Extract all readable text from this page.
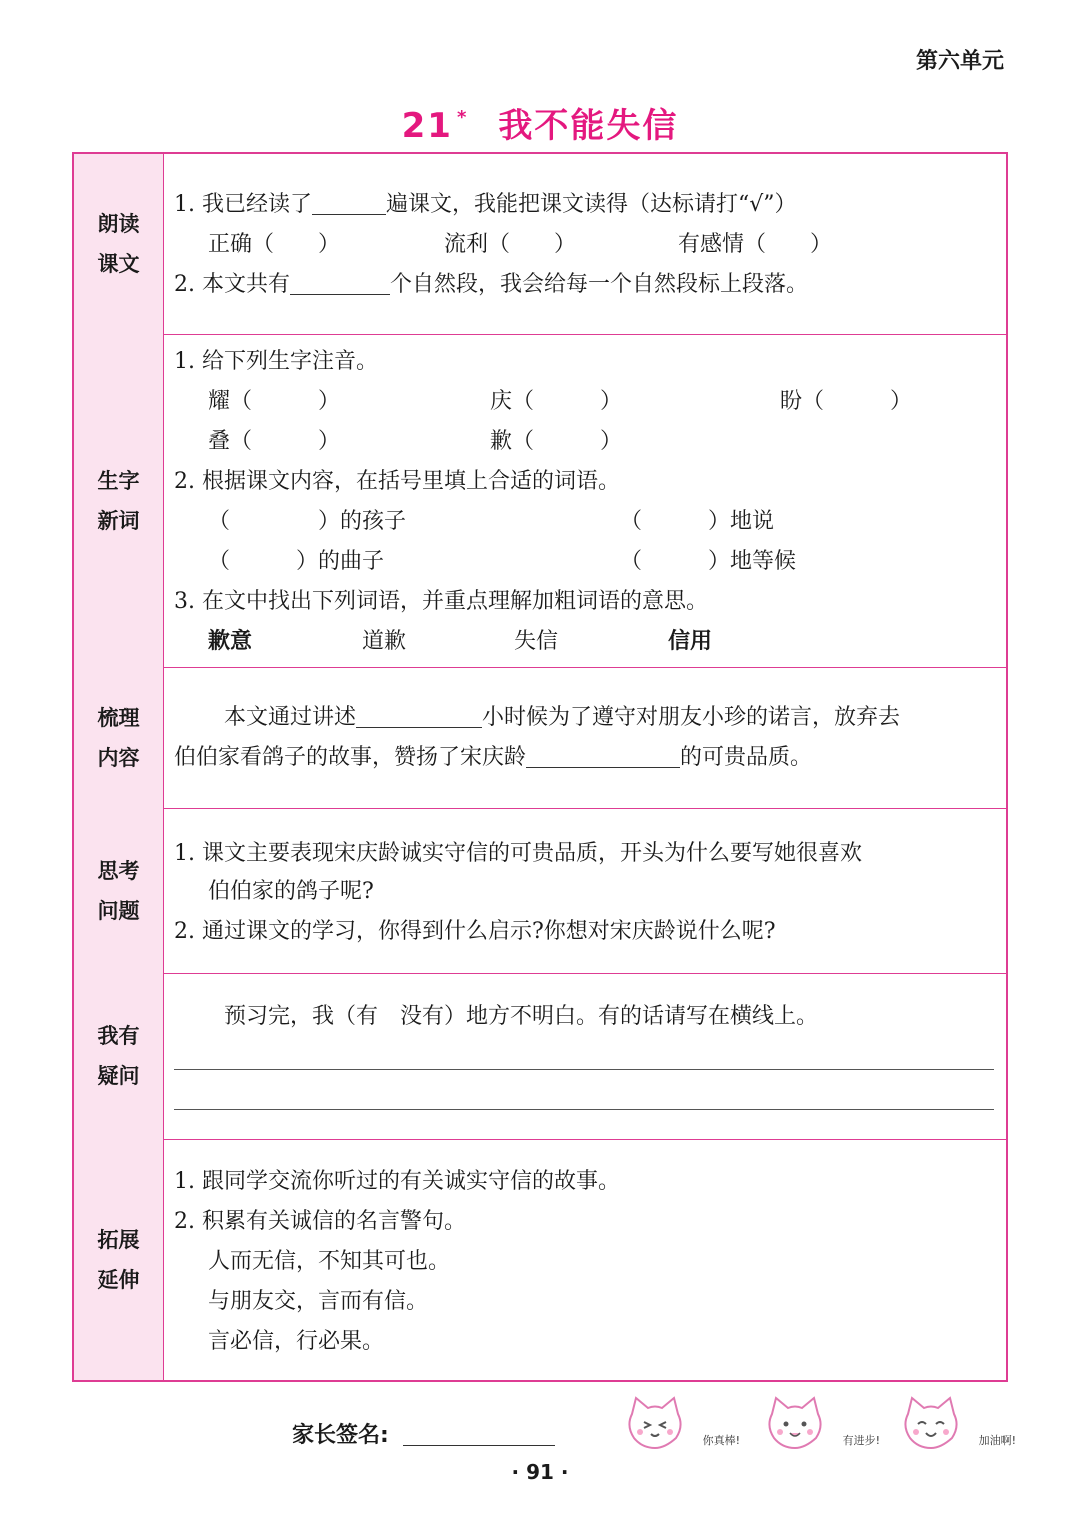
第六单元
21 * 我不能失信
朗读
课文
1. 我已经读了	遍课文，我能把课文读得（达标请打“√”）
正确（　　）	流利（　　）	有感情（　　）
2. 本文共有	个自然段，我会给每一个自然段标上段落。
生字
新词
1. 给下列生字注音。
耀（　　　）	庆（　　　）	盼（　　　）
叠（　　　）	歉（　　　）
2. 根据课文内容，在括号里填上合适的词语。
（　　　　）的孩子	（　　　）地说
（　　　）的曲子	（　　　）地等候
3. 在文中找出下列词语，并重点理解加粗词语的意思。
歉意	道歉	失信	信用
梳理
内容
本文通过讲述	小时候为了遵守对朋友小珍的诺言，放弃去
伯伯家看鸽子的故事，赞扬了宋庆龄	的可贵品质。
思考
问题
1. 课文主要表现宋庆龄诚实守信的可贵品质，开头为什么要写她很喜欢
伯伯家的鸽子呢?
2. 通过课文的学习，你得到什么启示?你想对宋庆龄说什么呢?
我有
疑问
预习完，我（有　没有）地方不明白。有的话请写在横线上。
拓展
延伸
1. 跟同学交流你听过的有关诚实守信的故事。
2. 积累有关诚信的名言警句。
人而无信，不知其可也。
与朋友交，言而有信。
言必信，行必果。
家长签名:	你真棒!	有进步!	加油啊!
· 91 ·
